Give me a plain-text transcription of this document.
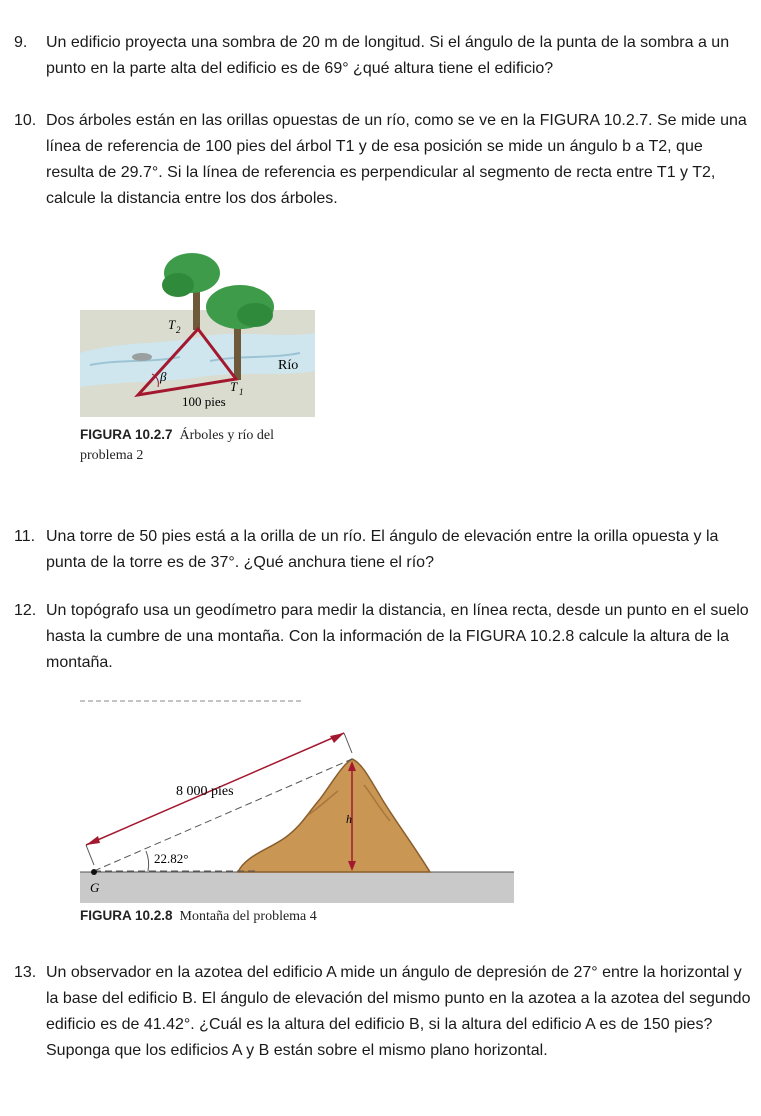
9. Un edificio proyecta una sombra de 20 m de longitud. Si el ángulo de la punta de la sombra a un punto en la parte alta del edificio es de 69° ¿qué altura tiene el edificio?
10. Dos árboles están en las orillas opuestas de un río, como se ve en la FIGURA 10.2.7. Se mide una línea de referencia de 100 pies del árbol T1 y de esa posición se mide un ángulo b a T2, que resulta de 29.7°. Si la línea de referencia es perpendicular al segmento de recta entre T1 y T2, calcule la distancia entre los dos árboles.
T 2
T 1
β
Río
100 pies
FIGURA 10.2.7 Árboles y río del problema 2
11. Una torre de 50 pies está a la orilla de un río. El ángulo de elevación entre la orilla opuesta y la punta de la torre es de 37°. ¿Qué anchura tiene el río?
12. Un topógrafo usa un geodímetro para medir la distancia, en línea recta, desde un punto en el suelo hasta la cumbre de una montaña. Con la información de la FIGURA 10.2.8 calcule la altura de la montaña.
8 000 pies
h
22.82°
G
FIGURA 10.2.8 Montaña del problema 4
13. Un observador en la azotea del edificio A mide un ángulo de depresión de 27° entre la horizontal y la base del edificio B. El ángulo de elevación del mismo punto en la azotea a la azotea del segundo edificio es de 41.42°. ¿Cuál es la altura del edificio B, si la altura del edificio A es de 150 pies? Suponga que los edificios A y B están sobre el mismo plano horizontal.
